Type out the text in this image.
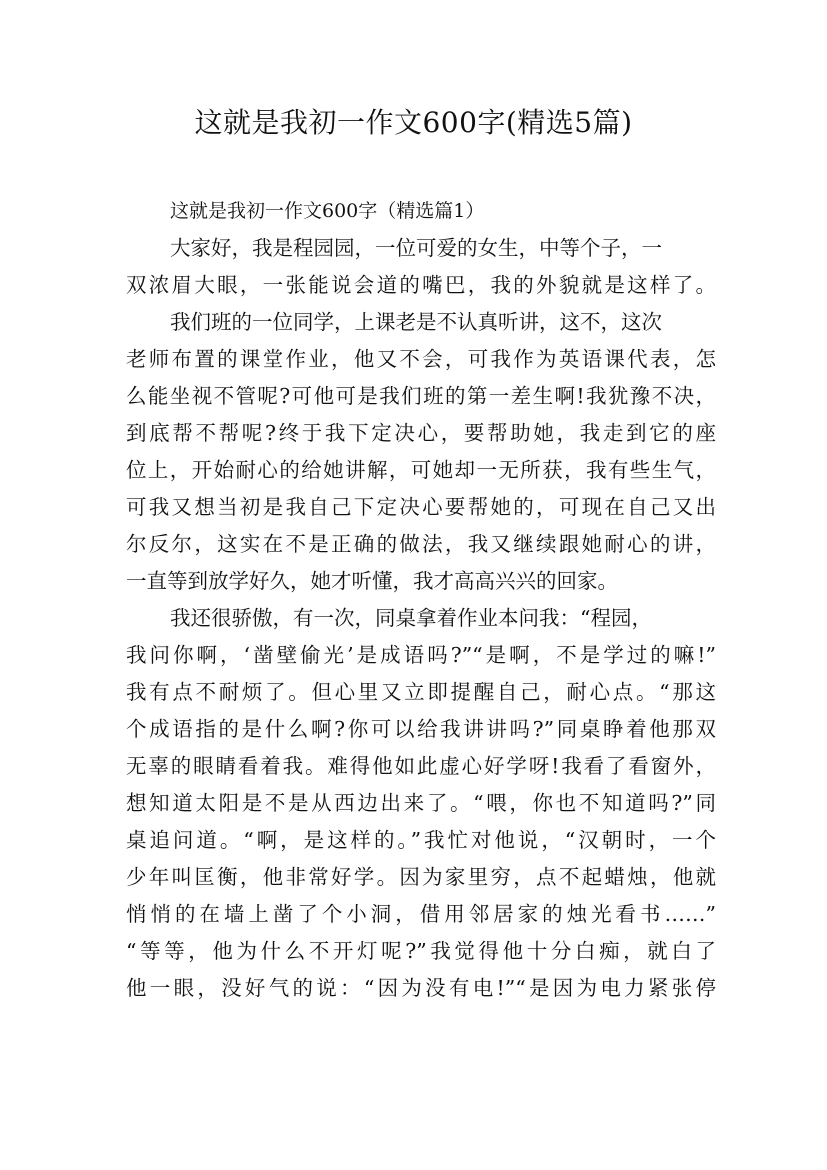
这就是我初一作文600字(精选5篇)
这就是我初一作文600字（精选篇1）
大家好，我是程园园，一位可爱的女生，中等个子，一
双浓眉大眼，一张能说会道的嘴巴，我的外貌就是这样了。
我们班的一位同学，上课老是不认真听讲，这不，这次
老师布置的课堂作业，他又不会，可我作为英语课代表，怎
么能坐视不管呢?可他可是我们班的第一差生啊!我犹豫不决，
到底帮不帮呢?终于我下定决心，要帮助她，我走到它的座
位上，开始耐心的给她讲解，可她却一无所获，我有些生气，
可我又想当初是我自己下定决心要帮她的，可现在自己又出
尔反尔，这实在不是正确的做法，我又继续跟她耐心的讲，
一直等到放学好久，她才听懂，我才高高兴兴的回家。
我还很骄傲，有一次，同桌拿着作业本问我：“程园，
我问你啊，‘凿壁偷光’是成语吗?”“是啊，不是学过的嘛!”
我有点不耐烦了。但心里又立即提醒自己，耐心点。“那这
个成语指的是什么啊?你可以给我讲讲吗?”同桌睁着他那双
无辜的眼睛看着我。难得他如此虚心好学呀!我看了看窗外，
想知道太阳是不是从西边出来了。“喂，你也不知道吗?”同
桌追问道。“啊，是这样的。”我忙对他说，“汉朝时，一个
少年叫匡衡，他非常好学。因为家里穷，点不起蜡烛，他就
悄悄的在墙上凿了个小洞，借用邻居家的烛光看书……”
“等等，他为什么不开灯呢?”我觉得他十分白痴，就白了
他一眼，没好气的说：“因为没有电!”“是因为电力紧张停
